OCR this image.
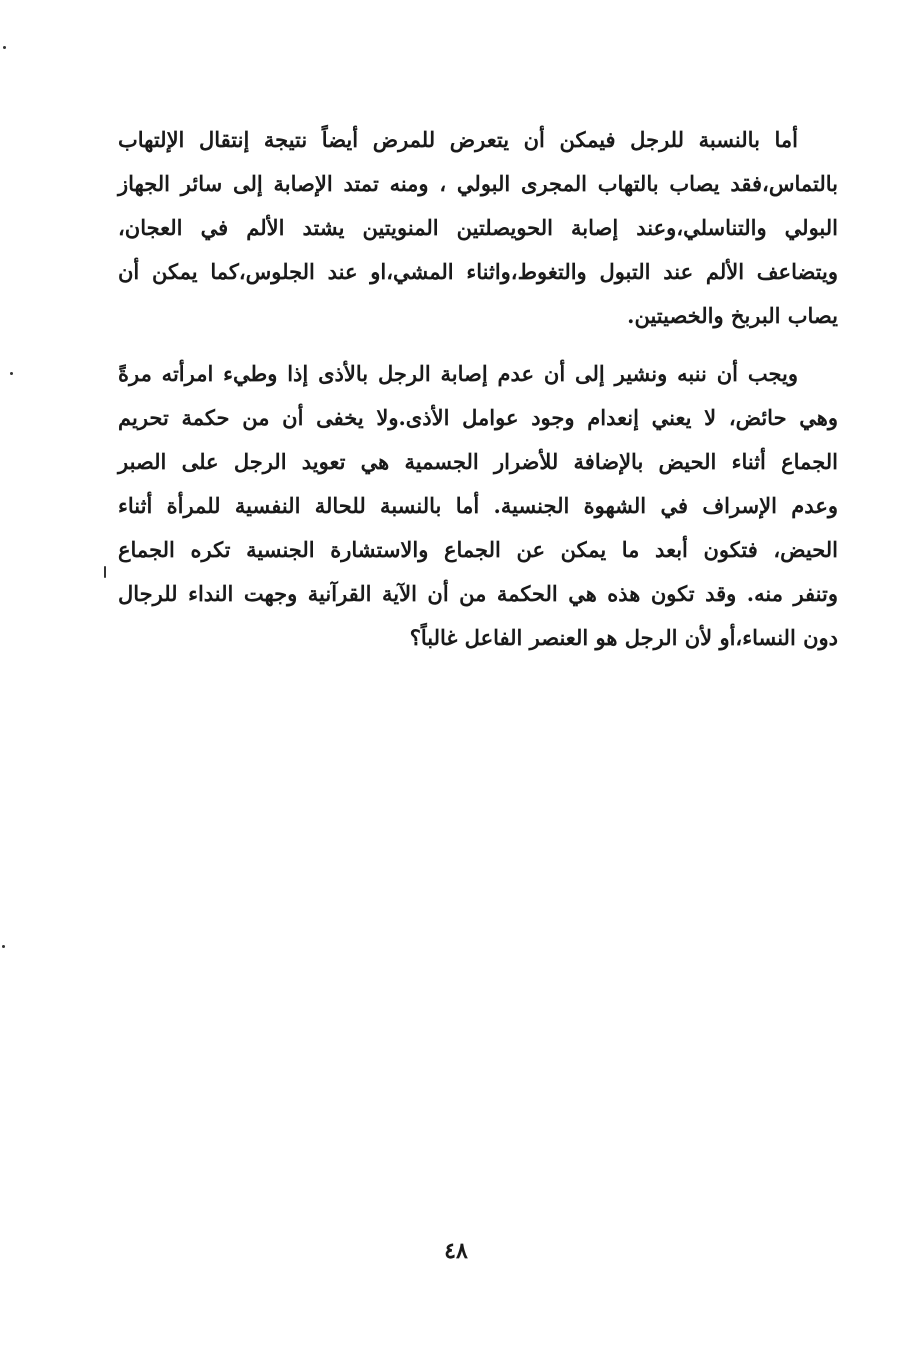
أما بالنسبة للرجل فيمكن أن يتعرض للمرض أيضاً نتيجة إنتقال الإلتهاب
بالتماس،فقد يصاب بالتهاب المجرى البولي ، ومنه تمتد الإصابة إلى سائر الجهاز
البولي والتناسلي،وعند إصابة الحويصلتين المنويتين يشتد الألم في العجان،
ويتضاعف الألم عند التبول والتغوط،واثناء المشي،او عند الجلوس،كما يمكن أن
يصاب البربخ والخصيتين.
ويجب أن ننبه ونشير إلى أن عدم إصابة الرجل بالأذى إذا وطيء امرأته مرةً
وهي حائض، لا يعني إنعدام وجود عوامل الأذى.ولا يخفى أن من حكمة تحريم
الجماع أثناء الحيض بالإضافة للأضرار الجسمية هي تعويد الرجل على الصبر
وعدم الإسراف في الشهوة الجنسية. أما بالنسبة للحالة النفسية للمرأة أثناء
الحيض، فتكون أبعد ما يمكن عن الجماع والاستشارة الجنسية تكره الجماع
وتنفر منه. وقد تكون هذه هي الحكمة من أن الآية القرآنية وجهت النداء للرجال
دون النساء،أو لأن الرجل هو العنصر الفاعل غالباً؟
٤٨
